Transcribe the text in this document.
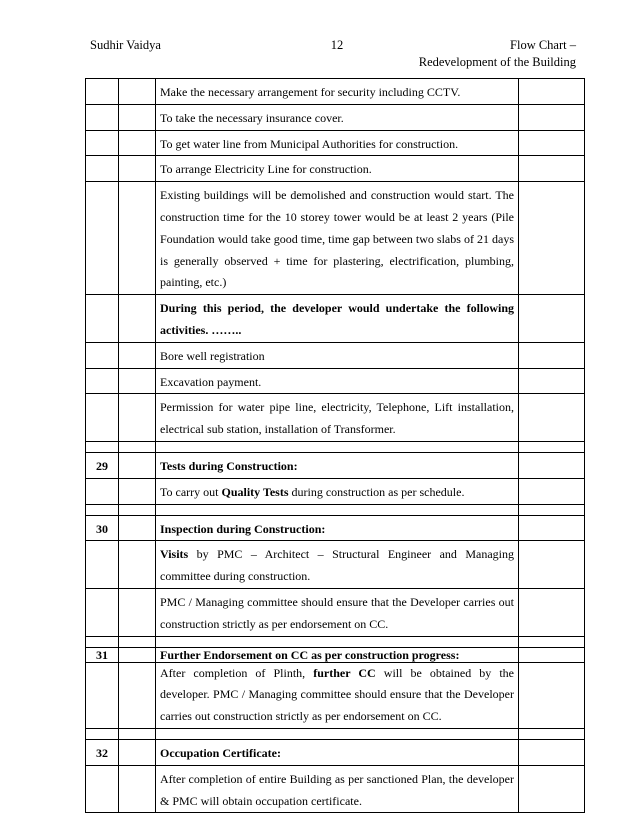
Sudhir Vaidya	12	Flow Chart –
Redevelopment of the Building
		Make the necessary arrangement for security including CCTV.	
		To take the necessary insurance cover.	
		To get water line from Municipal Authorities for construction.	
		To arrange Electricity Line for construction.	
		Existing buildings will be demolished and construction would start. The construction time for the 10 storey tower would be at least 2 years (Pile Foundation would take good time, time gap between two slabs of 21 days is generally observed + time for plastering, electrification, plumbing, painting, etc.)	
		During this period, the developer would undertake the following activities. ……..	
		Bore well registration	
		Excavation payment.	
		Permission for water pipe line, electricity, Telephone, Lift installation, electrical sub station, installation of Transformer.	

29		Tests during Construction:	
		To carry out Quality Tests during construction as per schedule.	

30		Inspection during Construction:	
		Visits by PMC – Architect – Structural Engineer and Managing committee during construction.	
		PMC / Managing committee should ensure that the Developer carries out construction strictly as per endorsement on CC.	

31		Further Endorsement on CC as per construction progress:	
		After completion of Plinth, further CC will be obtained by the developer. PMC / Managing committee should ensure that the Developer carries out construction strictly as per endorsement on CC.	

32		Occupation Certificate:	
		After completion of entire Building as per sanctioned Plan, the developer & PMC will obtain occupation certificate.	
